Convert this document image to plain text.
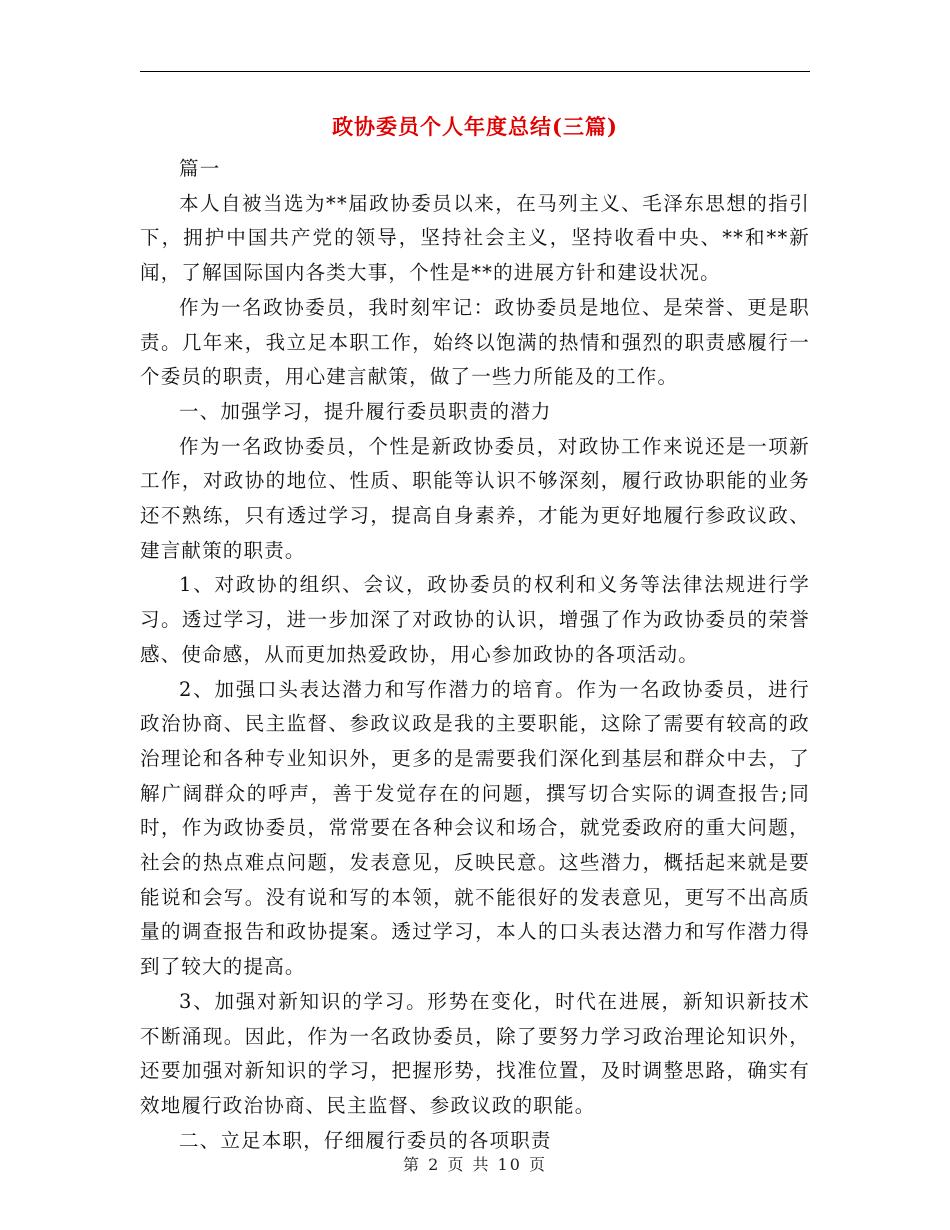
政协委员个人年度总结(三篇)

篇一

本人自被当选为**届政协委员以来，在马列主义、毛泽东思想的指引下，拥护中国共产党的领导，坚持社会主义，坚持收看中央、**和**新闻，了解国际国内各类大事，个性是**的进展方针和建设状况。

作为一名政协委员，我时刻牢记：政协委员是地位、是荣誉、更是职责。几年来，我立足本职工作，始终以饱满的热情和强烈的职责感履行一个委员的职责，用心建言献策，做了一些力所能及的工作。

一、加强学习，提升履行委员职责的潜力

作为一名政协委员，个性是新政协委员，对政协工作来说还是一项新工作，对政协的地位、性质、职能等认识不够深刻，履行政协职能的业务还不熟练，只有透过学习，提高自身素养，才能为更好地履行参政议政、建言献策的职责。

1、对政协的组织、会议，政协委员的权利和义务等法律法规进行学习。透过学习，进一步加深了对政协的认识，增强了作为政协委员的荣誉感、使命感，从而更加热爱政协，用心参加政协的各项活动。

2、加强口头表达潜力和写作潜力的培育。作为一名政协委员，进行政治协商、民主监督、参政议政是我的主要职能，这除了需要有较高的政治理论和各种专业知识外，更多的是需要我们深化到基层和群众中去，了解广阔群众的呼声，善于发觉存在的问题，撰写切合实际的调查报告;同时，作为政协委员，常常要在各种会议和场合，就党委政府的重大问题，社会的热点难点问题，发表意见，反映民意。这些潜力，概括起来就是要能说和会写。没有说和写的本领，就不能很好的发表意见，更写不出高质量的调查报告和政协提案。透过学习，本人的口头表达潜力和写作潜力得到了较大的提高。

3、加强对新知识的学习。形势在变化，时代在进展，新知识新技术不断涌现。因此，作为一名政协委员，除了要努力学习政治理论知识外，还要加强对新知识的学习，把握形势，找准位置，及时调整思路，确实有效地履行政治协商、民主监督、参政议政的职能。

二、立足本职，仔细履行委员的各项职责

第 2 页 共 10 页
